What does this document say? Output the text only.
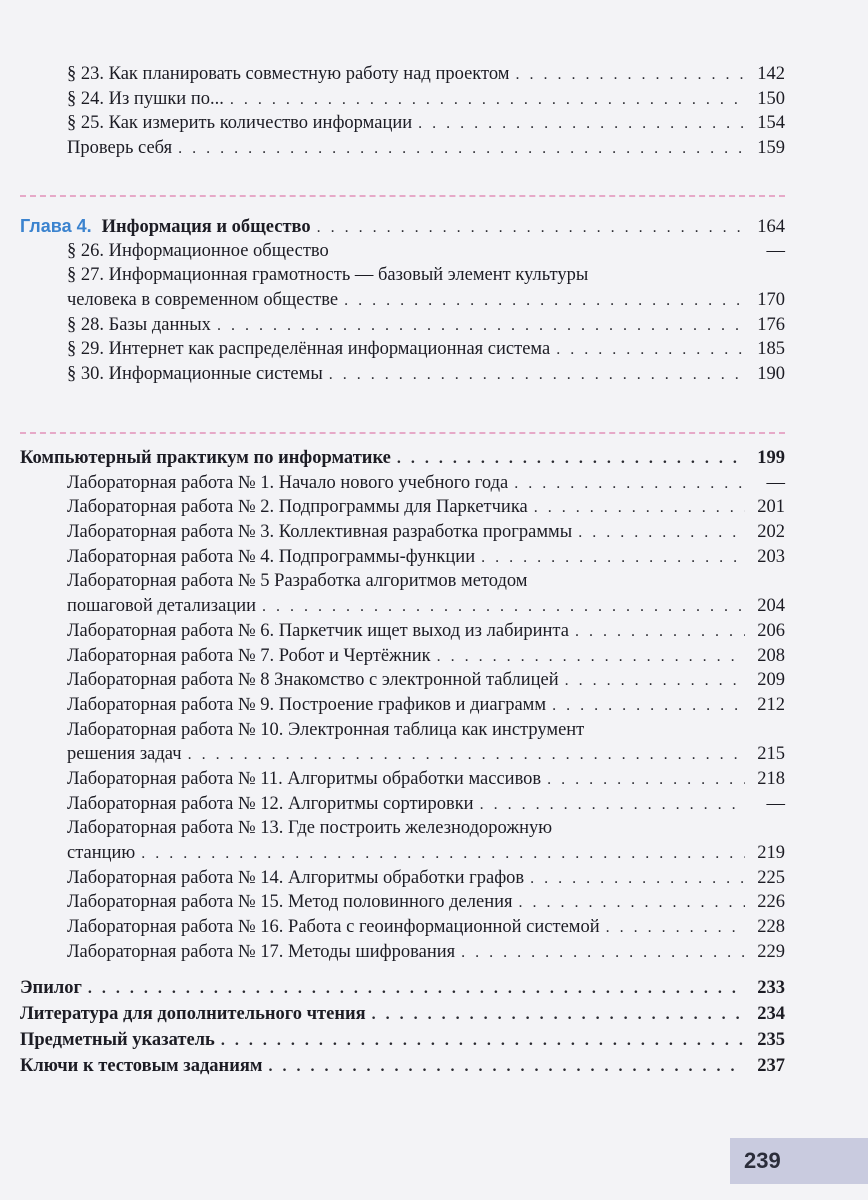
§ 23. Как планировать совместную работу над проектом . . .	142
§ 24. Из пушки по... . . .	150
§ 25. Как измерить количество информации . . .	154
Проверь себя . . .	159
Глава 4. Информация и общество . . .	164
§ 26. Информационное общество	—
§ 27. Информационная грамотность — базовый элемент культуры
человека в современном обществе . . .	170
§ 28. Базы данных . . .	176
§ 29. Интернет как распределённая информационная система . . .	185
§ 30. Информационные системы . . .	190
Компьютерный практикум по информатике . . .	199
Лабораторная работа № 1. Начало нового учебного года . . .	—
Лабораторная работа № 2. Подпрограммы для Паркетчика . . .	201
Лабораторная работа № 3. Коллективная разработка программы . . .	202
Лабораторная работа № 4. Подпрограммы-функции . . .	203
Лабораторная работа № 5 Разработка алгоритмов методом
пошаговой детализации . . .	204
Лабораторная работа № 6. Паркетчик ищет выход из лабиринта . . .	206
Лабораторная работа № 7. Робот и Чертёжник . . .	208
Лабораторная работа № 8 Знакомство с электронной таблицей . . .	209
Лабораторная работа № 9. Построение графиков и диаграмм . . .	212
Лабораторная работа № 10. Электронная таблица как инструмент
решения задач . . .	215
Лабораторная работа № 11. Алгоритмы обработки массивов . . .	218
Лабораторная работа № 12. Алгоритмы сортировки . . .	—
Лабораторная работа № 13. Где построить железнодорожную
станцию . . .	219
Лабораторная работа № 14. Алгоритмы обработки графов . . .	225
Лабораторная работа № 15. Метод половинного деления . . .	226
Лабораторная работа № 16. Работа с геоинформационной системой . . .	228
Лабораторная работа № 17. Методы шифрования . . .	229
Эпилог . . .	233
Литература для дополнительного чтения . . .	234
Предметный указатель . . .	235
Ключи к тестовым заданиям . . .	237
239
